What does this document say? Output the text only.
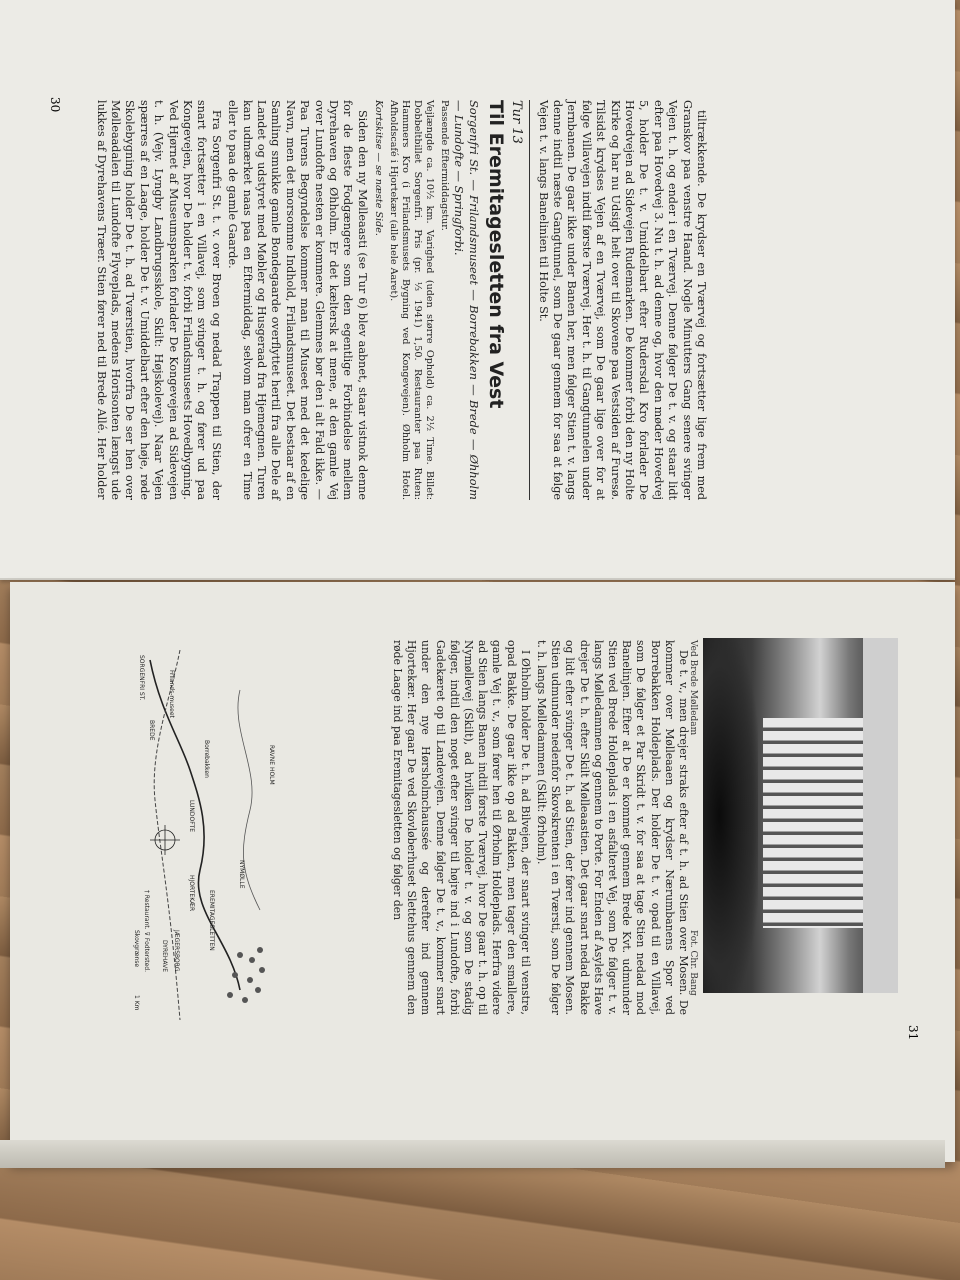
30

tiltrækkende. De krydser en Tværvej og fortsætter lige frem med Granskov paa venstre Haand. Nogle Minutters Gang senere svinger Vejen t. h. og ender i en Tværvej. Denne følger De t. v. og staar lidt efter paa Hovedvej 3. Nu t. h. ad denne og, hvor den møder Hovedvej 5, holder De t. v. Umiddelbart efter Rudersdal Kro forlader De Hovedvejen ad Sidevejen Rudemarken. De kommer forbi den ny Holte Kirke og har nu Udsigt helt over til Skovene paa Vestsiden af Furesø. Tilsidst krydses Vejen af en Tværvej, som De gaar lige over for at følge Villavejen indtil første Tværvej. Her t. h. til Gangtunnelen under Jernbanen. De gaar ikke under Banen her, men følger Stien t. v. langs denne indtil næste Gangtunnel, som De gaar gennem for saa at følge Vejen t. v. langs Banelinien til Holte St.

Tur 13
Til Eremitagesletten fra Vest
Sorgenfri St. — Frilandsmuseet — Borrebakken — Brede — Øhholm — Lundofte — Springforbi.
Passende Eftermiddagstur.
Vejlængde ca. 10½ km. Varighed (uden større Ophold) ca. 2½ Time. Billet: Dobbeltbillet Sorgenfri. Pris (pr. ⅓ 1941) 1,50. Restauranter paa Ruten: Hammers Kro (i Frilandsmusets Bygning ved Kongevejen). Øhholm Hotel. Afholdscafé i Hjortekær (alle hele Aaret).
Kortskitse — se næste Side.

Siden den ny Mølleaasti (se Tur 6) blev aabnet, staar vistnok denne for de fleste Fodgængere som den egentlige Forbindelse mellem Dyrehaven og Øhholm. Er det kæltersk at mene, at den gamle Vej over Lundofte nesten er kommere. Glemmes bør den i alt Fald ikke. — Paa Turens Begyndelse kommer man til Museet med det kedelige Navn, men det morsomme Indhold, Frilandsmuseet. Det bestaar af en Samling smukke gamle Bondegaarde overflyttet hertil fra alle Dele af Landet og udstyret med Møbler og Husgeraad fra Hjemegnen. Turen kan udmærket naas paa en Eftermiddag, selvom man ofrer en Time eller to paa de gamle Gaarde.

Fra Sorgenfri St. t. v. over Broen og nedad Trappen til Stien, der snart fortsætter i en Villavej, som svinger t. h. og fører ud paa Kongevejen, hvor De holder t. v. forbi Frilandsmuseets Hovedbygning. Ved Hjørnet af Museumsparken forlader De Kongevejen ad Sidevejen t. h. (Vejv. Lyngby Landbrugsskole, Skilt: Højskolevej). Naar Vejen spærres af en Laage, holder De t. v. Umiddelbart efter den høje, røde Skolebygning holder De t. h. ad Tværstien, hvorfra De ser hen over Mølleaadalen til Lundofte Flyveplads, medens Horisonten længst ude lukkes af Dyrehavens Træer. Stien fører ned til Brede Allé. Her holder

Ved Brede Mølledam
Fot. Chr. Bang

De t. v., men drejer straks efter af t. h. ad Stien over Mosen. De kommer over Mølleaaen og krydser Nærumbanens Spor ved Borrebakken Holdeplads. Der holder De t. v. opad til en Villavej, som De følger et Par Skridt t. v. for saa at tage Stien nedad mod Banelinjen. Efter at De er kommet gennem Brede Kvt. udmunder Stien ved Brede Holdeplads i en asfalteret Vej, som De følger t. v. langs Mølledammen og gennem to Porte. For Enden af Asylets Have drejer De t. h. efter Skilt Mølleaastien. Det gaar snart nedad Bakke og lidt efter svinger De t. h. ad Stien, der fører ind gennem Mosen. Stien udmunder nedenfor Skovskrenten i en Tværsti, som De følger t. h. langs Mølledammen (Skilt: Ørholm).

I Øhholm holder De t. h. ad Bilvejen, der snart svinger til venstre, opad Bakke. De gaar ikke op ad Bakken, men tager den smallere, gamle Vej t. v., som fører hen til Ørholm Holdeplads. Herfra videre ad Stien langs Banen indtil første Tværvej, hvor De gaar t. h. op til Nymøllevej (Skilt), ad hvilken De holder t. v. og som De stadig følger, indtil den noget efter svinger til højre ind i Lundofte, forbi Gadekæret op til Landevejen. Denne følger De t. v., kommer snart under den nye Hørsholmchaussée og derefter ind gennem Hjortekær. Her gaar De ved Skovløberhuset Slettehus gennem den røde Laage ind paa Eremitagesletten og følger den

SORGENFRI ST.	Frilands-museet
BREDE
Borrebakken	RAVNE HOLM
LUNDOFTE
NYMØLLE
HJORTEKÆR EREMITAGESLETTEN
JÆGERSBORG
DYREHAVE
† Restaurant. ⊽ Fodtersted.
Skovgrænse
1 Km
31
